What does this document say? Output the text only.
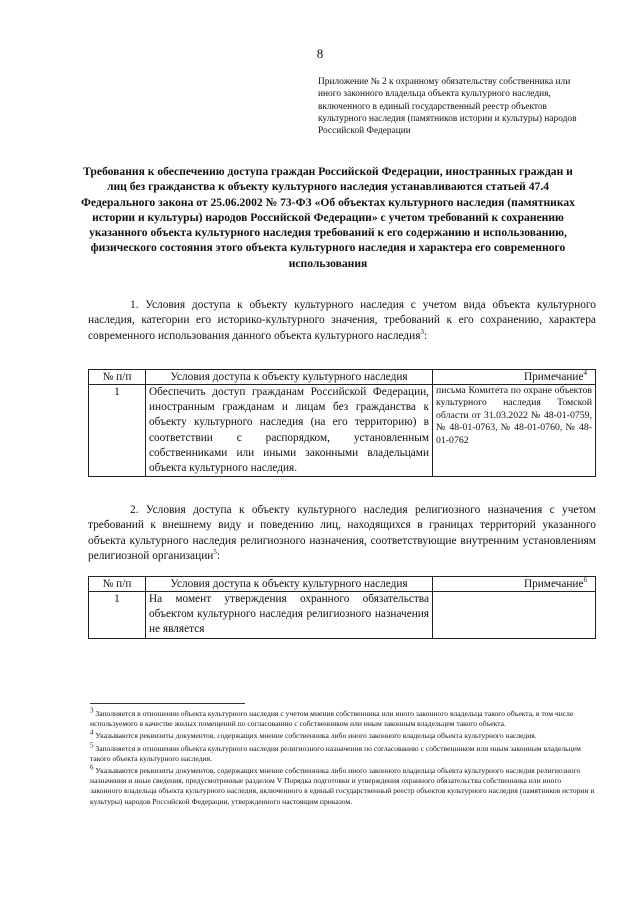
8
Приложение № 2 к охранному обязательству собственника или иного законного владельца объекта культурного наследия, включенного в единый государственный реестр объектов культурного наследия (памятников истории и культуры) народов Российской Федерации
Требования к обеспечению доступа граждан Российской Федерации, иностранных граждан и лиц без гражданства к объекту культурного наследия устанавливаются статьей 47.4 Федерального закона от 25.06.2002 № 73-ФЗ «Об объектах культурного наследия (памятниках истории и культуры) народов Российской Федерации» с учетом требований к сохранению указанного объекта культурного наследия требований к его содержанию и использованию, физического состояния этого объекта культурного наследия и характера его современного использования
1. Условия доступа к объекту культурного наследия с учетом вида объекта культурного наследия, категории его историко-культурного значения, требований к его сохранению, характера современного использования данного объекта культурного наследия$^3$:
№ п/п	Условия доступа к объекту культурного наследия	Примечание$^4$
1	Обеспечить доступ гражданам Российской Федерации, иностранным гражданам и лицам без гражданства к объекту культурного наследия (на его территорию) в соответствии с распорядком, установленным собственниками или иными законными владельцами объекта культурного наследия.	письма Комитета по охране объектов культурного наследия Томской области от 31.03.2022 № 48-01-0759, № 48-01-0763, № 48-01-0760, № 48-01-0762
2. Условия доступа к объекту культурного наследия религиозного назначения с учетом требований к внешнему виду и поведению лиц, находящихся в границах территорий указанного объекта культурного наследия религиозного назначения, соответствующие внутренним установлениям религиозной организации$^5$:
№ п/п	Условия доступа к объекту культурного наследия	Примечание$^6$
1	На момент утверждения охранного обязательства объектом культурного наследия религиозного назначения не является	

$^3$ Заполняется в отношении объекта культурного наследия с учетом мнения собственника или иного законного владельца такого объекта, в том числе используемого в качестве жилых помещений по согласованию с собственником или иным законным владельцем такого объекта.

$^4$ Указываются реквизиты документов, содержащих мнение собственника либо иного законного владельца объекта культурного наследия.

$^5$ Заполняется в отношении объекта культурного наследия религиозного назначения по согласованию с собственником или иным законным владельцем такого объекта культурного наследия.

$^6$ Указываются реквизиты документов, содержащих мнение собственника либо иного законного владельца объекта культурного наследия религиозного назначения и иные сведения, предусмотренные разделом V Порядка подготовки и утверждения охранного обязательства собственника или иного законного владельца объекта культурного наследия, включенного в единый государственный реестр объектов культурного наследия (памятников истории и культуры) народов Российской Федерации, утвержденного настоящим приказом.
